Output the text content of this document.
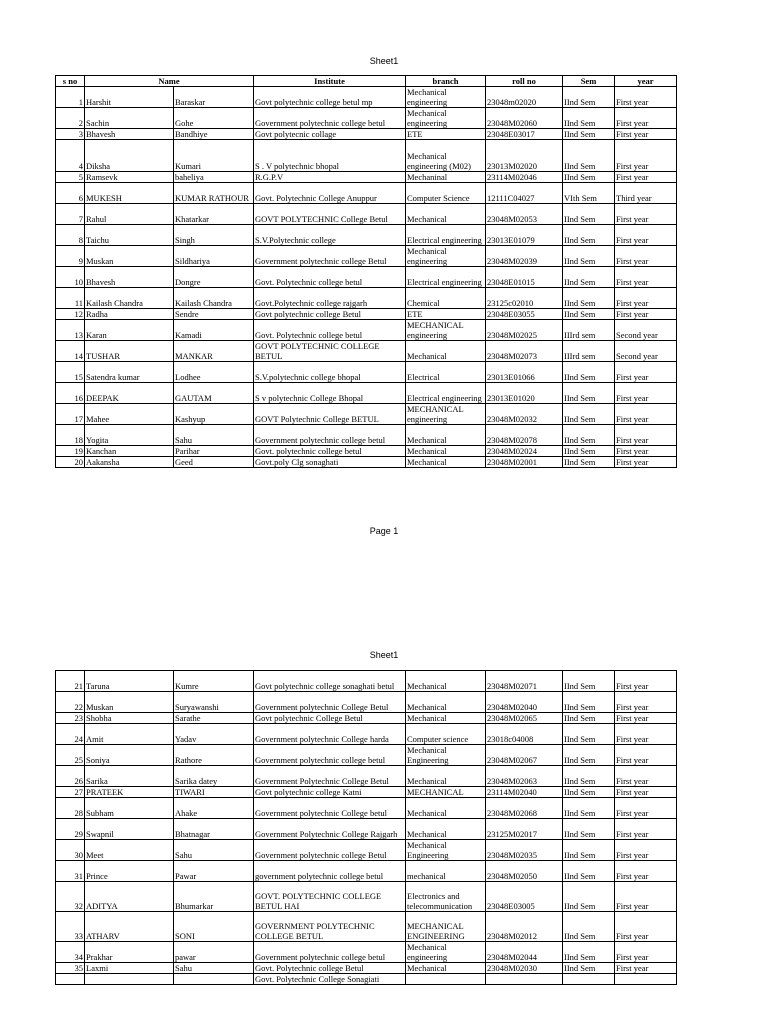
Sheet1
s no	Name		Institute	branch	roll no	Sem	year
1	Harshit	Baraskar	Govt polytechnic college betul mp	Mechanical engineering	23048m02020	IInd Sem	First year
2	Sachin	Gohe	Government polytechnic college betul	Mechanical engineering	23048M02060	IInd Sem	First year
3	Bhavesh	Bandhiye	Govt polytecnic collage	ETE	23048E03017	IInd Sem	First year
4	Diksha	Kumari	S . V polytechnic bhopal	Mechanical engineering (M02)	23013M02020	IInd Sem	First year
5	Ramsevk	baheliya	R.G.P.V	Mechaninal	23114M02046	IInd Sem	First year
6	MUKESH	KUMAR RATHOUR	Govt. Polytechnic College Anuppur	Computer Science	12111C04027	VIth Sem	Third year
7	Rahul	Khatarkar	GOVT POLYTECHNIC College Betul	Mechanical	23048M02053	IInd Sem	First year
8	Taichu	Singh	S.V.Polytechnic college	Electrical engineering	23013E01079	IInd Sem	First year
9	Muskan	Sildhariya	Government polytechnic college Betul	Mechanical engineering	23048M02039	IInd Sem	First year
10	Bhavesh	Dongre	Govt. Polytechnic college betul	Electrical engineering	23048E01015	IInd Sem	First year
11	Kailash Chandra	Kailash Chandra	Govt.Polytechnic college rajgarh	Chemical	23125c02010	IInd Sem	First year
12	Radha	Sendre	Govt polytechnic college Betul	ETE	23048E03055	IInd Sem	First year
13	Karan	Kamadi	Govt. Polytechnic college betul	MECHANICAL engineering	23048M02025	IIIrd sem	Second year
14	TUSHAR	MANKAR	GOVT POLYTECHNIC COLLEGE BETUL	Mechanical	23048M02073	IIIrd sem	Second year
15	Satendra kumar	Lodhee	S.V.polytechnic college bhopal	Electrical	23013E01066	IInd Sem	First year
16	DEEPAK	GAUTAM	S v polytechnic College Bhopal	Electrical engineering	23013E01020	IInd Sem	First year
17	Mahee	Kashyup	GOVT Polytechnic College BETUL	MECHANICAL engineering	23048M02032	IInd Sem	First year
18	Yogita	Sahu	Government polytechnic college betul	Mechanical	23048M02078	IInd Sem	First year
19	Kanchan	Parihar	Govt. polytechnic college betul	Mechanical	23048M02024	IInd Sem	First year
20	Aakansha	Geed	Govt.poly Clg sonaghati	Mechanical	23048M02001	IInd Sem	First year
Page 1
Sheet1
21	Taruna	Kumre	Govt polytechnic college sonaghati betul	Mechanical	23048M02071	IInd Sem	First year
22	Muskan	Suryawanshi	Government polytechnic College Betul	Mechanical	23048M02040	IInd Sem	First year
23	Shobha	Sarathe	Govt polytechnic College Betul	Mechanical	23048M02065	IInd Sem	First year
24	Amit	Yadav	Government polytechnic College harda	Computer science	23018c04008	IInd Sem	First year
25	Soniya	Rathore	Government polytechnic college betul	Mechanical Engineering	23048M02067	IInd Sem	First year
26	Sarika	Sarika datey	Government Polytechnic College Betul	Mechanical	23048M02063	IInd Sem	First year
27	PRATEEK	TIWARI	Govt polytechnic college Katni	MECHANICAL	23114M02040	IInd Sem	First year
28	Subham	Ahake	Government polytechnic College betul	Mechanical	23048M02068	IInd Sem	First year
29	Swapnil	Bhatnagar	Government Polytechnic College Rajgarh	Mechanical	23125M02017	IInd Sem	First year
30	Meet	Sahu	Government polytechnic college Betul	Mechanical Engineering	23048M02035	IInd Sem	First year
31	Prince	Pawar	government polytechnic college betul	mechanical	23048M02050	IInd Sem	First year
32	ADITYA	Bhumarkar	GOVT. POLYTECHNIC COLLEGE BETUL HAI	Electronics and telecommunication	23048E03005	IInd Sem	First year
33	ATHARV	SONI	GOVERNMENT POLYTECHNIC COLLEGE BETUL	MECHANICAL ENGINEERING	23048M02012	IInd Sem	First year
34	Prakhar	pawar	Government polytechnic college betul	Mechanical engineering	23048M02044	IInd Sem	First year
35	Laxmi	Sahu	Govt. Polytechnic college Betul	Mechanical	23048M02030	IInd Sem	First year
			Govt. Polytechnic College Sonagiati				
